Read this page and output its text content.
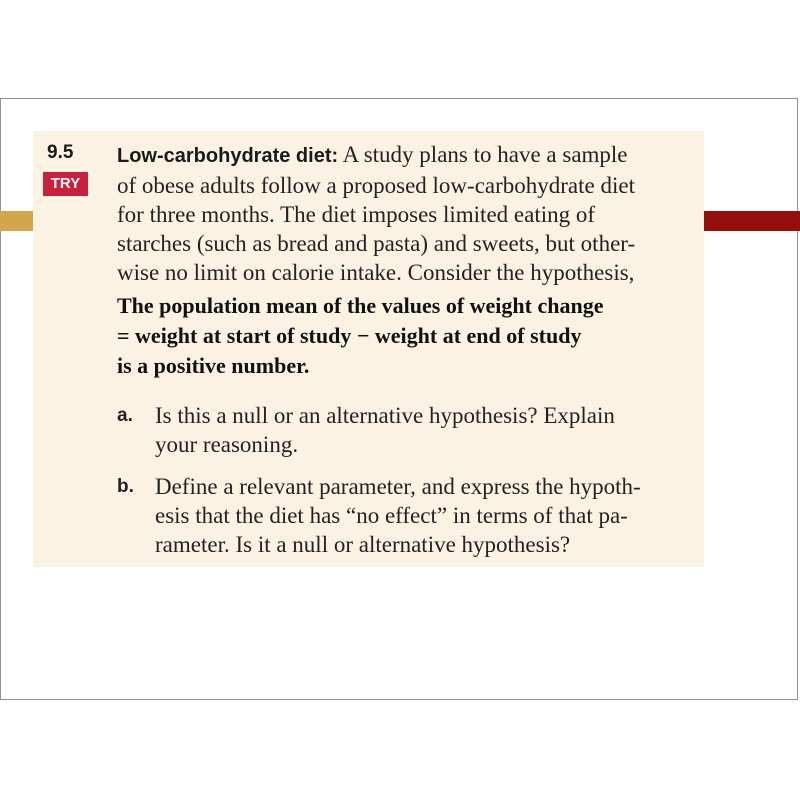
9.5
TRY
Low-carbohydrate diet: A study plans to have a sample
of obese adults follow a proposed low-carbohydrate diet
for three months. The diet imposes limited eating of
starches (such as bread and pasta) and sweets, but other-
wise no limit on calorie intake. Consider the hypothesis,
The population mean of the values of weight change
= weight at start of study − weight at end of study
is a positive number.
a. Is this a null or an alternative hypothesis? Explain
your reasoning.
b. Define a relevant parameter, and express the hypoth-
esis that the diet has “no effect” in terms of that pa-
rameter. Is it a null or alternative hypothesis?
